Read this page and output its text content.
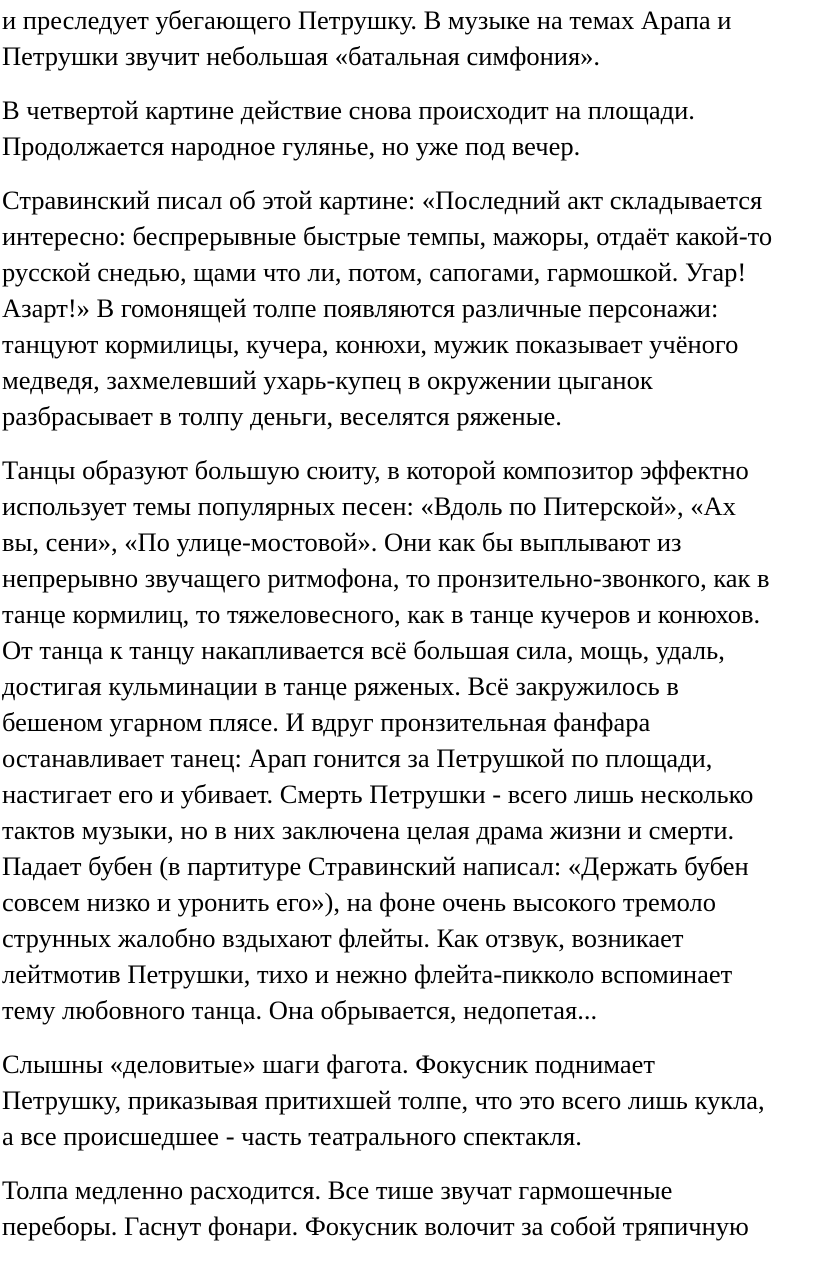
и преследует убегающего Петрушку. В музыке на темах Арапа и
Петрушки звучит небольшая «батальная симфония».

В четвертой картине действие снова происходит на площади.
Продолжается народное гулянье, но уже под вечер.

Стравинский писал об этой картине: «Последний акт складывается
интересно: беспрерывные быстрые темпы, мажоры, отдаёт какой-то
русской снедью, щами что ли, потом, сапогами, гармошкой. Угар!
Азарт!» В гомонящей толпе появляются различные персонажи:
танцуют кормилицы, кучера, конюхи, мужик показывает учёного
медведя, захмелевший ухарь-купец в окружении цыганок
разбрасывает в толпу деньги, веселятся ряженые.

Танцы образуют большую сюиту, в которой композитор эффектно
использует темы популярных песен: «Вдоль по Питерской», «Ах
вы, сени», «По улице-мостовой». Они как бы выплывают из
непрерывно звучащего ритмофона, то пронзительно-звонкого, как в
танце кормилиц, то тяжеловесного, как в танце кучеров и конюхов.
От танца к танцу накапливается всё большая сила, мощь, удаль,
достигая кульминации в танце ряженых. Всё закружилось в
бешеном угарном плясе. И вдруг пронзительная фанфара
останавливает танец: Арап гонится за Петрушкой по площади,
настигает его и убивает. Смерть Петрушки - всего лишь несколько
тактов музыки, но в них заключена целая драма жизни и смерти.
Падает бубен (в партитуре Стравинский написал: «Держать бубен
совсем низко и уронить его»), на фоне очень высокого тремоло
струнных жалобно вздыхают флейты. Как отзвук, возникает
лейтмотив Петрушки, тихо и нежно флейта-пикколо вспоминает
тему любовного танца. Она обрывается, недопетая...

Слышны «деловитые» шаги фагота. Фокусник поднимает
Петрушку, приказывая притихшей толпе, что это всего лишь кукла,
а все происшедшее - часть театрального спектакля.

Толпа медленно расходится. Все тише звучат гармошечные
переборы. Гаснут фонари. Фокусник волочит за собой тряпичную
